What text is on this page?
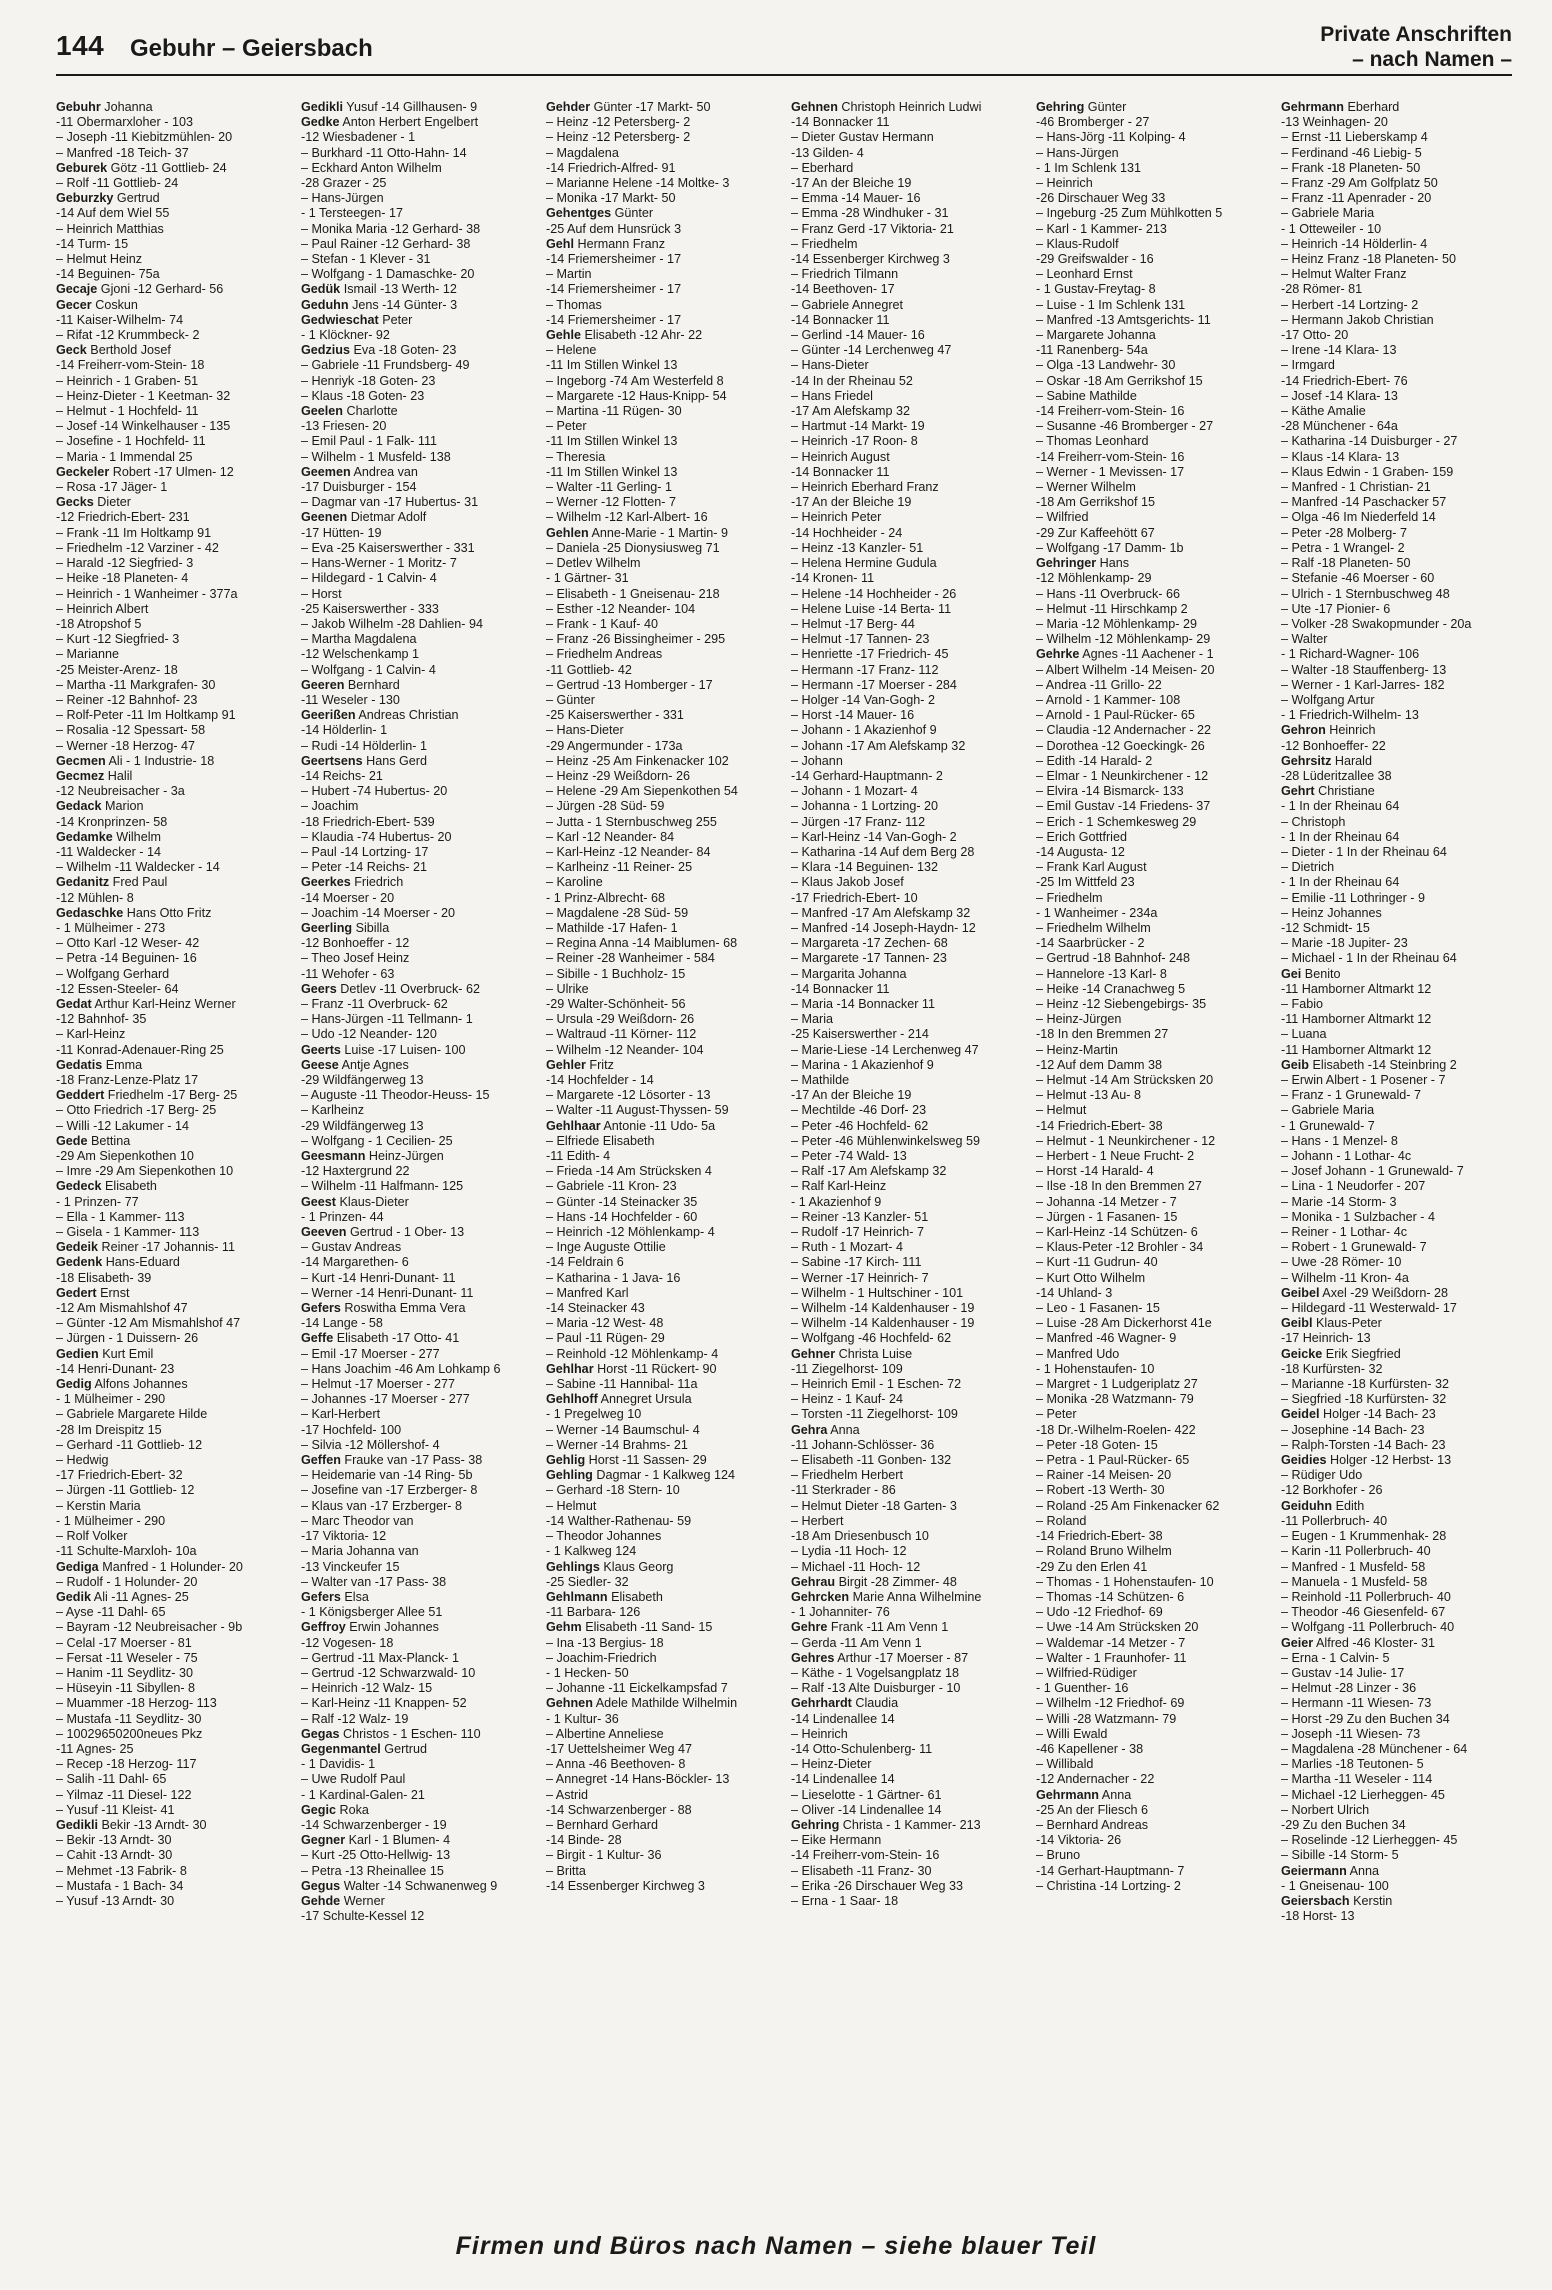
144 Gebuhr – Geiersbach
Private Anschriften
– nach Namen –
Gebuhr Johanna
-11 Obermarxloher - 103
– Joseph -11 Kiebitzmühlen- 20
– Manfred -18 Teich- 37
Geburek Götz -11 Gottlieb- 24
– Rolf -11 Gottlieb- 24
Geburzky Gertrud
-14 Auf dem Wiel 55
– Heinrich Matthias
-14 Turm- 15
– Helmut Heinz
-14 Beguinen- 75a
Gecaje Gjoni -12 Gerhard- 56
Gecer Coskun
-11 Kaiser-Wilhelm- 74
– Rifat -12 Krummbeck- 2
Geck Berthold Josef
-14 Freiherr-vom-Stein- 18
– Heinrich - 1 Graben- 51
– Heinz-Dieter - 1 Keetman- 32
– Helmut - 1 Hochfeld- 11
– Josef -14 Winkelhauser - 135
– Josefine - 1 Hochfeld- 11
– Maria - 1 Immendal 25
Geckeler Robert -17 Ulmen- 12
– Rosa -17 Jäger- 1
Gecks Dieter
-12 Friedrich-Ebert- 231
– Frank -11 Im Holtkamp 91
– Friedhelm -12 Varziner - 42
– Harald -12 Siegfried- 3
– Heike -18 Planeten- 4
– Heinrich - 1 Wanheimer - 377a
– Heinrich Albert
-18 Atropshof 5
– Kurt -12 Siegfried- 3
– Marianne
-25 Meister-Arenz- 18
– Martha -11 Markgrafen- 30
– Reiner -12 Bahnhof- 23
– Rolf-Peter -11 Im Holtkamp 91
– Rosalia -12 Spessart- 58
– Werner -18 Herzog- 47
Gecmen Ali - 1 Industrie- 18
Gecmez Halil
-12 Neubreisacher - 3a
Gedack Marion
-14 Kronprinzen- 58
Gedamke Wilhelm
-11 Waldecker - 14
– Wilhelm -11 Waldecker - 14
Gedanitz Fred Paul
-12 Mühlen- 8
Gedaschke Hans Otto Fritz
- 1 Mülheimer - 273
– Otto Karl -12 Weser- 42
– Petra -14 Beguinen- 16
– Wolfgang Gerhard
-12 Essen-Steeler- 64
Gedat Arthur Karl-Heinz Werner
-12 Bahnhof- 35
– Karl-Heinz
-11 Konrad-Adenauer-Ring 25
Gedatis Emma
-18 Franz-Lenze-Platz 17
Geddert Friedhelm -17 Berg- 25
– Otto Friedrich -17 Berg- 25
– Willi -12 Lakumer - 14
Gede Bettina
-29 Am Siepenkothen 10
– Imre -29 Am Siepenkothen 10
Gedeck Elisabeth
- 1 Prinzen- 77
– Ella - 1 Kammer- 113
– Gisela - 1 Kammer- 113
Gedeik Reiner -17 Johannis- 11
Gedenk Hans-Eduard
-18 Elisabeth- 39
Gedert Ernst
-12 Am Mismahlshof 47
– Günter -12 Am Mismahlshof 47
– Jürgen - 1 Duissern- 26
Gedien Kurt Emil
-14 Henri-Dunant- 23
Gedig Alfons Johannes
- 1 Mülheimer - 290
– Gabriele Margarete Hilde
-28 Im Dreispitz 15
– Gerhard -11 Gottlieb- 12
– Hedwig
-17 Friedrich-Ebert- 32
– Jürgen -11 Gottlieb- 12
– Kerstin Maria
- 1 Mülheimer - 290
– Rolf Volker
-11 Schulte-Marxloh- 10a
Gediga Manfred - 1 Holunder- 20
– Rudolf - 1 Holunder- 20
Gedik Ali -11 Agnes- 25
– Ayse -11 Dahl- 65
– Bayram -12 Neubreisacher - 9b
– Celal -17 Moerser - 81
– Fersat -11 Weseler - 75
– Hanim -11 Seydlitz- 30
– Hüseyin -11 Sibyllen- 8
– Muammer -18 Herzog- 113
– Mustafa -11 Seydlitz- 30
– 10029650200neues Pkz
-11 Agnes- 25
– Recep -18 Herzog- 117
– Salih -11 Dahl- 65
– Yilmaz -11 Diesel- 122
– Yusuf -11 Kleist- 41
Gedikli Bekir -13 Arndt- 30
– Bekir -13 Arndt- 30
– Cahit -13 Arndt- 30
– Mehmet -13 Fabrik- 8
– Mustafa - 1 Bach- 34
– Yusuf -13 Arndt- 30
Gedikli Yusuf -14 Gillhausen- 9
Gedke Anton Herbert Engelbert
-12 Wiesbadener - 1
– Burkhard -11 Otto-Hahn- 14
– Eckhard Anton Wilhelm
-28 Grazer - 25
– Hans-Jürgen
- 1 Tersteegen- 17
– Monika Maria -12 Gerhard- 38
– Paul Rainer -12 Gerhard- 38
– Stefan - 1 Klever - 31
– Wolfgang - 1 Damaschke- 20
Gedük Ismail -13 Werth- 12
Geduhn Jens -14 Günter- 3
Gedwieschat Peter
- 1 Klöckner- 92
Gedzius Eva -18 Goten- 23
– Gabriele -11 Frundsberg- 49
– Henriyk -18 Goten- 23
– Klaus -18 Goten- 23
Geelen Charlotte
-13 Friesen- 20
– Emil Paul - 1 Falk- 111
– Wilhelm - 1 Musfeld- 138
Geemen Andrea van
-17 Duisburger - 154
– Dagmar van -17 Hubertus- 31
Geenen Dietmar Adolf
-17 Hütten- 19
– Eva -25 Kaiserswerther - 331
– Hans-Werner - 1 Moritz- 7
– Hildegard - 1 Calvin- 4
– Horst
-25 Kaiserswerther - 333
– Jakob Wilhelm -28 Dahlien- 94
– Martha Magdalena
-12 Welschenkamp 1
– Wolfgang - 1 Calvin- 4
Geeren Bernhard
-11 Weseler - 130
Geerißen Andreas Christian
-14 Hölderlin- 1
– Rudi -14 Hölderlin- 1
Geertsens Hans Gerd
-14 Reichs- 21
– Hubert -74 Hubertus- 20
– Joachim
-18 Friedrich-Ebert- 539
– Klaudia -74 Hubertus- 20
– Paul -14 Lortzing- 17
– Peter -14 Reichs- 21
Geerkes Friedrich
-14 Moerser - 20
– Joachim -14 Moerser - 20
Geerling Sibilla
-12 Bonhoeffer - 12
– Theo Josef Heinz
-11 Wehofer - 63
Geers Detlev -11 Overbruck- 62
– Franz -11 Overbruck- 62
– Hans-Jürgen -11 Tellmann- 1
– Udo -12 Neander- 120
Geerts Luise -17 Luisen- 100
Geese Antje Agnes
-29 Wildfängerweg 13
– Auguste -11 Theodor-Heuss- 15
– Karlheinz
-29 Wildfängerweg 13
– Wolfgang - 1 Cecilien- 25
Geesmann Heinz-Jürgen
-12 Haxtergrund 22
– Wilhelm -11 Halfmann- 125
Geest Klaus-Dieter
- 1 Prinzen- 44
Geeven Gertrud - 1 Ober- 13
– Gustav Andreas
-14 Margarethen- 6
– Kurt -14 Henri-Dunant- 11
– Werner -14 Henri-Dunant- 11
Gefers Roswitha Emma Vera
-14 Lange - 58
Geffe Elisabeth -17 Otto- 41
– Emil -17 Moerser - 277
– Hans Joachim -46 Am Lohkamp 6
– Helmut -17 Moerser - 277
– Johannes -17 Moerser - 277
– Karl-Herbert
-17 Hochfeld- 100
– Silvia -12 Möllershof- 4
Geffen Frauke van -17 Pass- 38
– Heidemarie van -14 Ring- 5b
– Josefine van -17 Erzberger- 8
– Klaus van -17 Erzberger- 8
– Marc Theodor van
-17 Viktoria- 12
– Maria Johanna van
-13 Vinckeufer 15
– Walter van -17 Pass- 38
Gefers Elsa
- 1 Königsberger Allee 51
Geffroy Erwin Johannes
-12 Vogesen- 18
– Gertrud -11 Max-Planck- 1
– Gertrud -12 Schwarzwald- 10
– Heinrich -12 Walz- 15
– Karl-Heinz -11 Knappen- 52
– Ralf -12 Walz- 19
Gegas Christos - 1 Eschen- 110
Gegenmantel Gertrud
- 1 Davidis- 1
– Uwe Rudolf Paul
- 1 Kardinal-Galen- 21
Gegic Roka
-14 Schwarzenberger - 19
Gegner Karl - 1 Blumen- 4
– Kurt -25 Otto-Hellwig- 13
– Petra -13 Rheinallee 15
Gegus Walter -14 Schwanenweg 9
Gehde Werner
-17 Schulte-Kessel 12
Gehder Günter -17 Markt- 50
– Heinz -12 Petersberg- 2
– Heinz -12 Petersberg- 2
– Magdalena
-14 Friedrich-Alfred- 91
– Marianne Helene -14 Moltke- 3
– Monika -17 Markt- 50
Gehentges Günter
-25 Auf dem Hunsrück 3
Gehl Hermann Franz
-14 Friemersheimer - 17
– Martin
-14 Friemersheimer - 17
– Thomas
-14 Friemersheimer - 17
Gehle Elisabeth -12 Ahr- 22
– Helene
-11 Im Stillen Winkel 13
– Ingeborg -74 Am Westerfeld 8
– Margarete -12 Haus-Knipp- 54
– Martina -11 Rügen- 30
– Peter
-11 Im Stillen Winkel 13
– Theresia
-11 Im Stillen Winkel 13
– Walter -11 Gerling- 1
– Werner -12 Flotten- 7
– Wilhelm -12 Karl-Albert- 16
Gehlen Anne-Marie - 1 Martin- 9
– Daniela -25 Dionysiusweg 71
– Detlev Wilhelm
- 1 Gärtner- 31
– Elisabeth - 1 Gneisenau- 218
– Esther -12 Neander- 104
– Frank - 1 Kauf- 40
– Franz -26 Bissingheimer - 295
– Friedhelm Andreas
-11 Gottlieb- 42
– Gertrud -13 Homberger - 17
– Günter
-25 Kaiserswerther - 331
– Hans-Dieter
-29 Angermunder - 173a
– Heinz -25 Am Finkenacker 102
– Heinz -29 Weißdorn- 26
– Helene -29 Am Siepenkothen 54
– Jürgen -28 Süd- 59
– Jutta - 1 Sternbuschweg 255
– Karl -12 Neander- 84
– Karl-Heinz -12 Neander- 84
– Karlheinz -11 Reiner- 25
– Karoline
- 1 Prinz-Albrecht- 68
– Magdalene -28 Süd- 59
– Mathilde -17 Hafen- 1
– Regina Anna -14 Maiblumen- 68
– Reiner -28 Wanheimer - 584
– Sibille - 1 Buchholz- 15
– Ulrike
-29 Walter-Schönheit- 56
– Ursula -29 Weißdorn- 26
– Waltraud -11 Körner- 112
– Wilhelm -12 Neander- 104
Gehler Fritz
-14 Hochfelder - 14
– Margarete -12 Lösorter - 13
– Walter -11 August-Thyssen- 59
Gehlhaar Antonie -11 Udo- 5a
– Elfriede Elisabeth
-11 Edith- 4
– Frieda -14 Am Strücksken 4
– Gabriele -11 Kron- 23
– Günter -14 Steinacker 35
– Hans -14 Hochfelder - 60
– Heinrich -12 Möhlenkamp- 4
– Inge Auguste Ottilie
-14 Feldrain 6
– Katharina - 1 Java- 16
– Manfred Karl
-14 Steinacker 43
– Maria -12 West- 48
– Paul -11 Rügen- 29
– Reinhold -12 Möhlenkamp- 4
Gehlhar Horst -11 Rückert- 90
– Sabine -11 Hannibal- 11a
Gehlhoff Annegret Ursula
- 1 Pregelweg 10
– Werner -14 Baumschul- 4
– Werner -14 Brahms- 21
Gehlig Horst -11 Sassen- 29
Gehling Dagmar - 1 Kalkweg 124
– Gerhard -18 Stern- 10
– Helmut
-14 Walther-Rathenau- 59
– Theodor Johannes
- 1 Kalkweg 124
Gehlings Klaus Georg
-25 Siedler- 32
Gehlmann Elisabeth
-11 Barbara- 126
Gehm Elisabeth -11 Sand- 15
– Ina -13 Bergius- 18
– Joachim-Friedrich
- 1 Hecken- 50
– Johanne -11 Eickelkampsfad 7
Gehnen Adele Mathilde Wilhelmin
- 1 Kultur- 36
– Albertine Anneliese
-17 Uettelsheimer Weg 47
– Anna -46 Beethoven- 8
– Annegret -14 Hans-Böckler- 13
– Astrid
-14 Schwarzenberger - 88
– Bernhard Gerhard
-14 Binde- 28
– Birgit - 1 Kultur- 36
– Britta
-14 Essenberger Kirchweg 3
Gehnen Christoph Heinrich Ludwi
-14 Bonnacker 11
– Dieter Gustav Hermann
-13 Gilden- 4
– Eberhard
-17 An der Bleiche 19
– Emma -14 Mauer- 16
– Emma -28 Windhuker - 31
– Franz Gerd -17 Viktoria- 21
– Friedhelm
-14 Essenberger Kirchweg 3
– Friedrich Tilmann
-14 Beethoven- 17
– Gabriele Annegret
-14 Bonnacker 11
– Gerlind -14 Mauer- 16
– Günter -14 Lerchenweg 47
– Hans-Dieter
-14 In der Rheinau 52
– Hans Friedel
-17 Am Alefskamp 32
– Hartmut -14 Markt- 19
– Heinrich -17 Roon- 8
– Heinrich August
-14 Bonnacker 11
– Heinrich Eberhard Franz
-17 An der Bleiche 19
– Heinrich Peter
-14 Hochheider - 24
– Heinz -13 Kanzler- 51
– Helena Hermine Gudula
-14 Kronen- 11
– Helene -14 Hochheider - 26
– Helene Luise -14 Berta- 11
– Helmut -17 Berg- 44
– Helmut -17 Tannen- 23
– Henriette -17 Friedrich- 45
– Hermann -17 Franz- 112
– Hermann -17 Moerser - 284
– Holger -14 Van-Gogh- 2
– Horst -14 Mauer- 16
– Johann - 1 Akazienhof 9
– Johann -17 Am Alefskamp 32
– Johann
-14 Gerhard-Hauptmann- 2
– Johann - 1 Mozart- 4
– Johanna - 1 Lortzing- 20
– Jürgen -17 Franz- 112
– Karl-Heinz -14 Van-Gogh- 2
– Katharina -14 Auf dem Berg 28
– Klara -14 Beguinen- 132
– Klaus Jakob Josef
-17 Friedrich-Ebert- 10
– Manfred -17 Am Alefskamp 32
– Manfred -14 Joseph-Haydn- 12
– Margareta -17 Zechen- 68
– Margarete -17 Tannen- 23
– Margarita Johanna
-14 Bonnacker 11
– Maria -14 Bonnacker 11
– Maria
-25 Kaiserswerther - 214
– Marie-Liese -14 Lerchenweg 47
– Marina - 1 Akazienhof 9
– Mathilde
-17 An der Bleiche 19
– Mechtilde -46 Dorf- 23
– Peter -46 Hochfeld- 62
– Peter -46 Mühlenwinkelsweg 59
– Peter -74 Wald- 13
– Ralf -17 Am Alefskamp 32
– Ralf Karl-Heinz
- 1 Akazienhof 9
– Reiner -13 Kanzler- 51
– Rudolf -17 Heinrich- 7
– Ruth - 1 Mozart- 4
– Sabine -17 Kirch- 111
– Werner -17 Heinrich- 7
– Wilhelm - 1 Hultschiner - 101
– Wilhelm -14 Kaldenhauser - 19
– Wilhelm -14 Kaldenhauser - 19
– Wolfgang -46 Hochfeld- 62
Gehner Christa Luise
-11 Ziegelhorst- 109
– Heinrich Emil - 1 Eschen- 72
– Heinz - 1 Kauf- 24
– Torsten -11 Ziegelhorst- 109
Gehra Anna
-11 Johann-Schlösser- 36
– Elisabeth -11 Gonben- 132
– Friedhelm Herbert
-11 Sterkrader - 86
– Helmut Dieter -18 Garten- 3
– Herbert
-18 Am Driesenbusch 10
– Lydia -11 Hoch- 12
– Michael -11 Hoch- 12
Gehrau Birgit -28 Zimmer- 48
Gehrcken Marie Anna Wilhelmine
- 1 Johanniter- 76
Gehre Frank -11 Am Venn 1
– Gerda -11 Am Venn 1
Gehres Arthur -17 Moerser - 87
– Käthe - 1 Vogelsangplatz 18
– Ralf -13 Alte Duisburger - 10
Gehrhardt Claudia
-14 Lindenallee 14
– Heinrich
-14 Otto-Schulenberg- 11
– Heinz-Dieter
-14 Lindenallee 14
– Lieselotte - 1 Gärtner- 61
– Oliver -14 Lindenallee 14
Gehring Christa - 1 Kammer- 213
– Eike Hermann
-14 Freiherr-vom-Stein- 16
– Elisabeth -11 Franz- 30
– Erika -26 Dirschauer Weg 33
– Erna - 1 Saar- 18
Gehring Günter
-46 Bromberger - 27
– Hans-Jörg -11 Kolping- 4
– Hans-Jürgen
- 1 Im Schlenk 131
– Heinrich
-26 Dirschauer Weg 33
– Ingeburg -25 Zum Mühlkotten 5
– Karl - 1 Kammer- 213
– Klaus-Rudolf
-29 Greifswalder - 16
– Leonhard Ernst
- 1 Gustav-Freytag- 8
– Luise - 1 Im Schlenk 131
– Manfred -13 Amtsgerichts- 11
– Margarete Johanna
-11 Ranenberg- 54a
– Olga -13 Landwehr- 30
– Oskar -18 Am Gerrikshof 15
– Sabine Mathilde
-14 Freiherr-vom-Stein- 16
– Susanne -46 Bromberger - 27
– Thomas Leonhard
-14 Freiherr-vom-Stein- 16
– Werner - 1 Mevissen- 17
– Werner Wilhelm
-18 Am Gerrikshof 15
– Wilfried
-29 Zur Kaffeehött 67
– Wolfgang -17 Damm- 1b
Gehringer Hans
-12 Möhlenkamp- 29
– Hans -11 Overbruck- 66
– Helmut -11 Hirschkamp 2
– Maria -12 Möhlenkamp- 29
– Wilhelm -12 Möhlenkamp- 29
Gehrke Agnes -11 Aachener - 1
– Albert Wilhelm -14 Meisen- 20
– Andrea -11 Grillo- 22
– Arnold - 1 Kammer- 108
– Arnold - 1 Paul-Rücker- 65
– Claudia -12 Andernacher - 22
– Dorothea -12 Goeckingk- 26
– Edith -14 Harald- 2
– Elmar - 1 Neunkirchener - 12
– Elvira -14 Bismarck- 133
– Emil Gustav -14 Friedens- 37
– Erich - 1 Schemkesweg 29
– Erich Gottfried
-14 Augusta- 12
– Frank Karl August
-25 Im Wittfeld 23
– Friedhelm
- 1 Wanheimer - 234a
– Friedhelm Wilhelm
-14 Saarbrücker - 2
– Gertrud -18 Bahnhof- 248
– Hannelore -13 Karl- 8
– Heike -14 Cranachweg 5
– Heinz -12 Siebengebirgs- 35
– Heinz-Jürgen
-18 In den Bremmen 27
– Heinz-Martin
-12 Auf dem Damm 38
– Helmut -14 Am Strücksken 20
– Helmut -13 Au- 8
– Helmut
-14 Friedrich-Ebert- 38
– Helmut - 1 Neunkirchener - 12
– Herbert - 1 Neue Frucht- 2
– Horst -14 Harald- 4
– Ilse -18 In den Bremmen 27
– Johanna -14 Metzer - 7
– Jürgen - 1 Fasanen- 15
– Karl-Heinz -14 Schützen- 6
– Klaus-Peter -12 Brohler - 34
– Kurt -11 Gudrun- 40
– Kurt Otto Wilhelm
-14 Uhland- 3
– Leo - 1 Fasanen- 15
– Luise -28 Am Dickerhorst 41e
– Manfred -46 Wagner- 9
– Manfred Udo
- 1 Hohenstaufen- 10
– Margret - 1 Ludgeriplatz 27
– Monika -28 Watzmann- 79
– Peter
-18 Dr.-Wilhelm-Roelen- 422
– Peter -18 Goten- 15
– Petra - 1 Paul-Rücker- 65
– Rainer -14 Meisen- 20
– Robert -13 Werth- 30
– Roland -25 Am Finkenacker 62
– Roland
-14 Friedrich-Ebert- 38
– Roland Bruno Wilhelm
-29 Zu den Erlen 41
– Thomas - 1 Hohenstaufen- 10
– Thomas -14 Schützen- 6
– Udo -12 Friedhof- 69
– Uwe -14 Am Strücksken 20
– Waldemar -14 Metzer - 7
– Walter - 1 Fraunhofer- 11
– Wilfried-Rüdiger
- 1 Guenther- 16
– Wilhelm -12 Friedhof- 69
– Willi -28 Watzmann- 79
– Willi Ewald
-46 Kapellener - 38
– Willibald
-12 Andernacher - 22
Gehrmann Anna
-25 An der Fliesch 6
– Bernhard Andreas
-14 Viktoria- 26
– Bruno
-14 Gerhart-Hauptmann- 7
– Christina -14 Lortzing- 2
Gehrmann Eberhard
-13 Weinhagen- 20
– Ernst -11 Lieberskamp 4
– Ferdinand -46 Liebig- 5
– Frank -18 Planeten- 50
– Franz -29 Am Golfplatz 50
– Franz -11 Apenrader - 20
– Gabriele Maria
- 1 Otteweiler - 10
– Heinrich -14 Hölderlin- 4
– Heinz Franz -18 Planeten- 50
– Helmut Walter Franz
-28 Römer- 81
– Herbert -14 Lortzing- 2
– Hermann Jakob Christian
-17 Otto- 20
– Irene -14 Klara- 13
– Irmgard
-14 Friedrich-Ebert- 76
– Josef -14 Klara- 13
– Käthe Amalie
-28 Münchener - 64a
– Katharina -14 Duisburger - 27
– Klaus -14 Klara- 13
– Klaus Edwin - 1 Graben- 159
– Manfred - 1 Christian- 21
– Manfred -14 Paschacker 57
– Olga -46 Im Niederfeld 14
– Peter -28 Molberg- 7
– Petra - 1 Wrangel- 2
– Ralf -18 Planeten- 50
– Stefanie -46 Moerser - 60
– Ulrich - 1 Sternbuschweg 48
– Ute -17 Pionier- 6
– Volker -28 Swakopmunder - 20a
– Walter
- 1 Richard-Wagner- 106
– Walter -18 Stauffenberg- 13
– Werner - 1 Karl-Jarres- 182
– Wolfgang Artur
- 1 Friedrich-Wilhelm- 13
Gehron Heinrich
-12 Bonhoeffer- 22
Gehrsitz Harald
-28 Lüderitzallee 38
Gehrt Christiane
- 1 In der Rheinau 64
– Christoph
- 1 In der Rheinau 64
– Dieter - 1 In der Rheinau 64
– Dietrich
- 1 In der Rheinau 64
– Emilie -11 Lothringer - 9
– Heinz Johannes
-12 Schmidt- 15
– Marie -18 Jupiter- 23
– Michael - 1 In der Rheinau 64
Gei Benito
-11 Hamborner Altmarkt 12
– Fabio
-11 Hamborner Altmarkt 12
– Luana
-11 Hamborner Altmarkt 12
Geib Elisabeth -14 Steinbring 2
– Erwin Albert - 1 Posener - 7
– Franz - 1 Grunewald- 7
– Gabriele Maria
- 1 Grunewald- 7
– Hans - 1 Menzel- 8
– Johann - 1 Lothar- 4c
– Josef Johann - 1 Grunewald- 7
– Lina - 1 Neudorfer - 207
– Marie -14 Storm- 3
– Monika - 1 Sulzbacher - 4
– Reiner - 1 Lothar- 4c
– Robert - 1 Grunewald- 7
– Uwe -28 Römer- 10
– Wilhelm -11 Kron- 4a
Geibel Axel -29 Weißdorn- 28
– Hildegard -11 Westerwald- 17
Geibl Klaus-Peter
-17 Heinrich- 13
Geicke Erik Siegfried
-18 Kurfürsten- 32
– Marianne -18 Kurfürsten- 32
– Siegfried -18 Kurfürsten- 32
Geidel Holger -14 Bach- 23
– Josephine -14 Bach- 23
– Ralph-Torsten -14 Bach- 23
Geidies Holger -12 Herbst- 13
– Rüdiger Udo
-12 Borkhofer - 26
Geiduhn Edith
-11 Pollerbruch- 40
– Eugen - 1 Krummenhak- 28
– Karin -11 Pollerbruch- 40
– Manfred - 1 Musfeld- 58
– Manuela - 1 Musfeld- 58
– Reinhold -11 Pollerbruch- 40
– Theodor -46 Giesenfeld- 67
– Wolfgang -11 Pollerbruch- 40
Geier Alfred -46 Kloster- 31
– Erna - 1 Calvin- 5
– Gustav -14 Julie- 17
– Helmut -28 Linzer - 36
– Hermann -11 Wiesen- 73
– Horst -29 Zu den Buchen 34
– Joseph -11 Wiesen- 73
– Magdalena -28 Münchener - 64
– Marlies -18 Teutonen- 5
– Martha -11 Weseler - 114
– Michael -12 Lierheggen- 45
– Norbert Ulrich
-29 Zu den Buchen 34
– Roselinde -12 Lierheggen- 45
– Sibille -14 Storm- 5
Geiermann Anna
- 1 Gneisenau- 100
Geiersbach Kerstin
-18 Horst- 13
Firmen und Büros nach Namen – siehe blauer Teil
